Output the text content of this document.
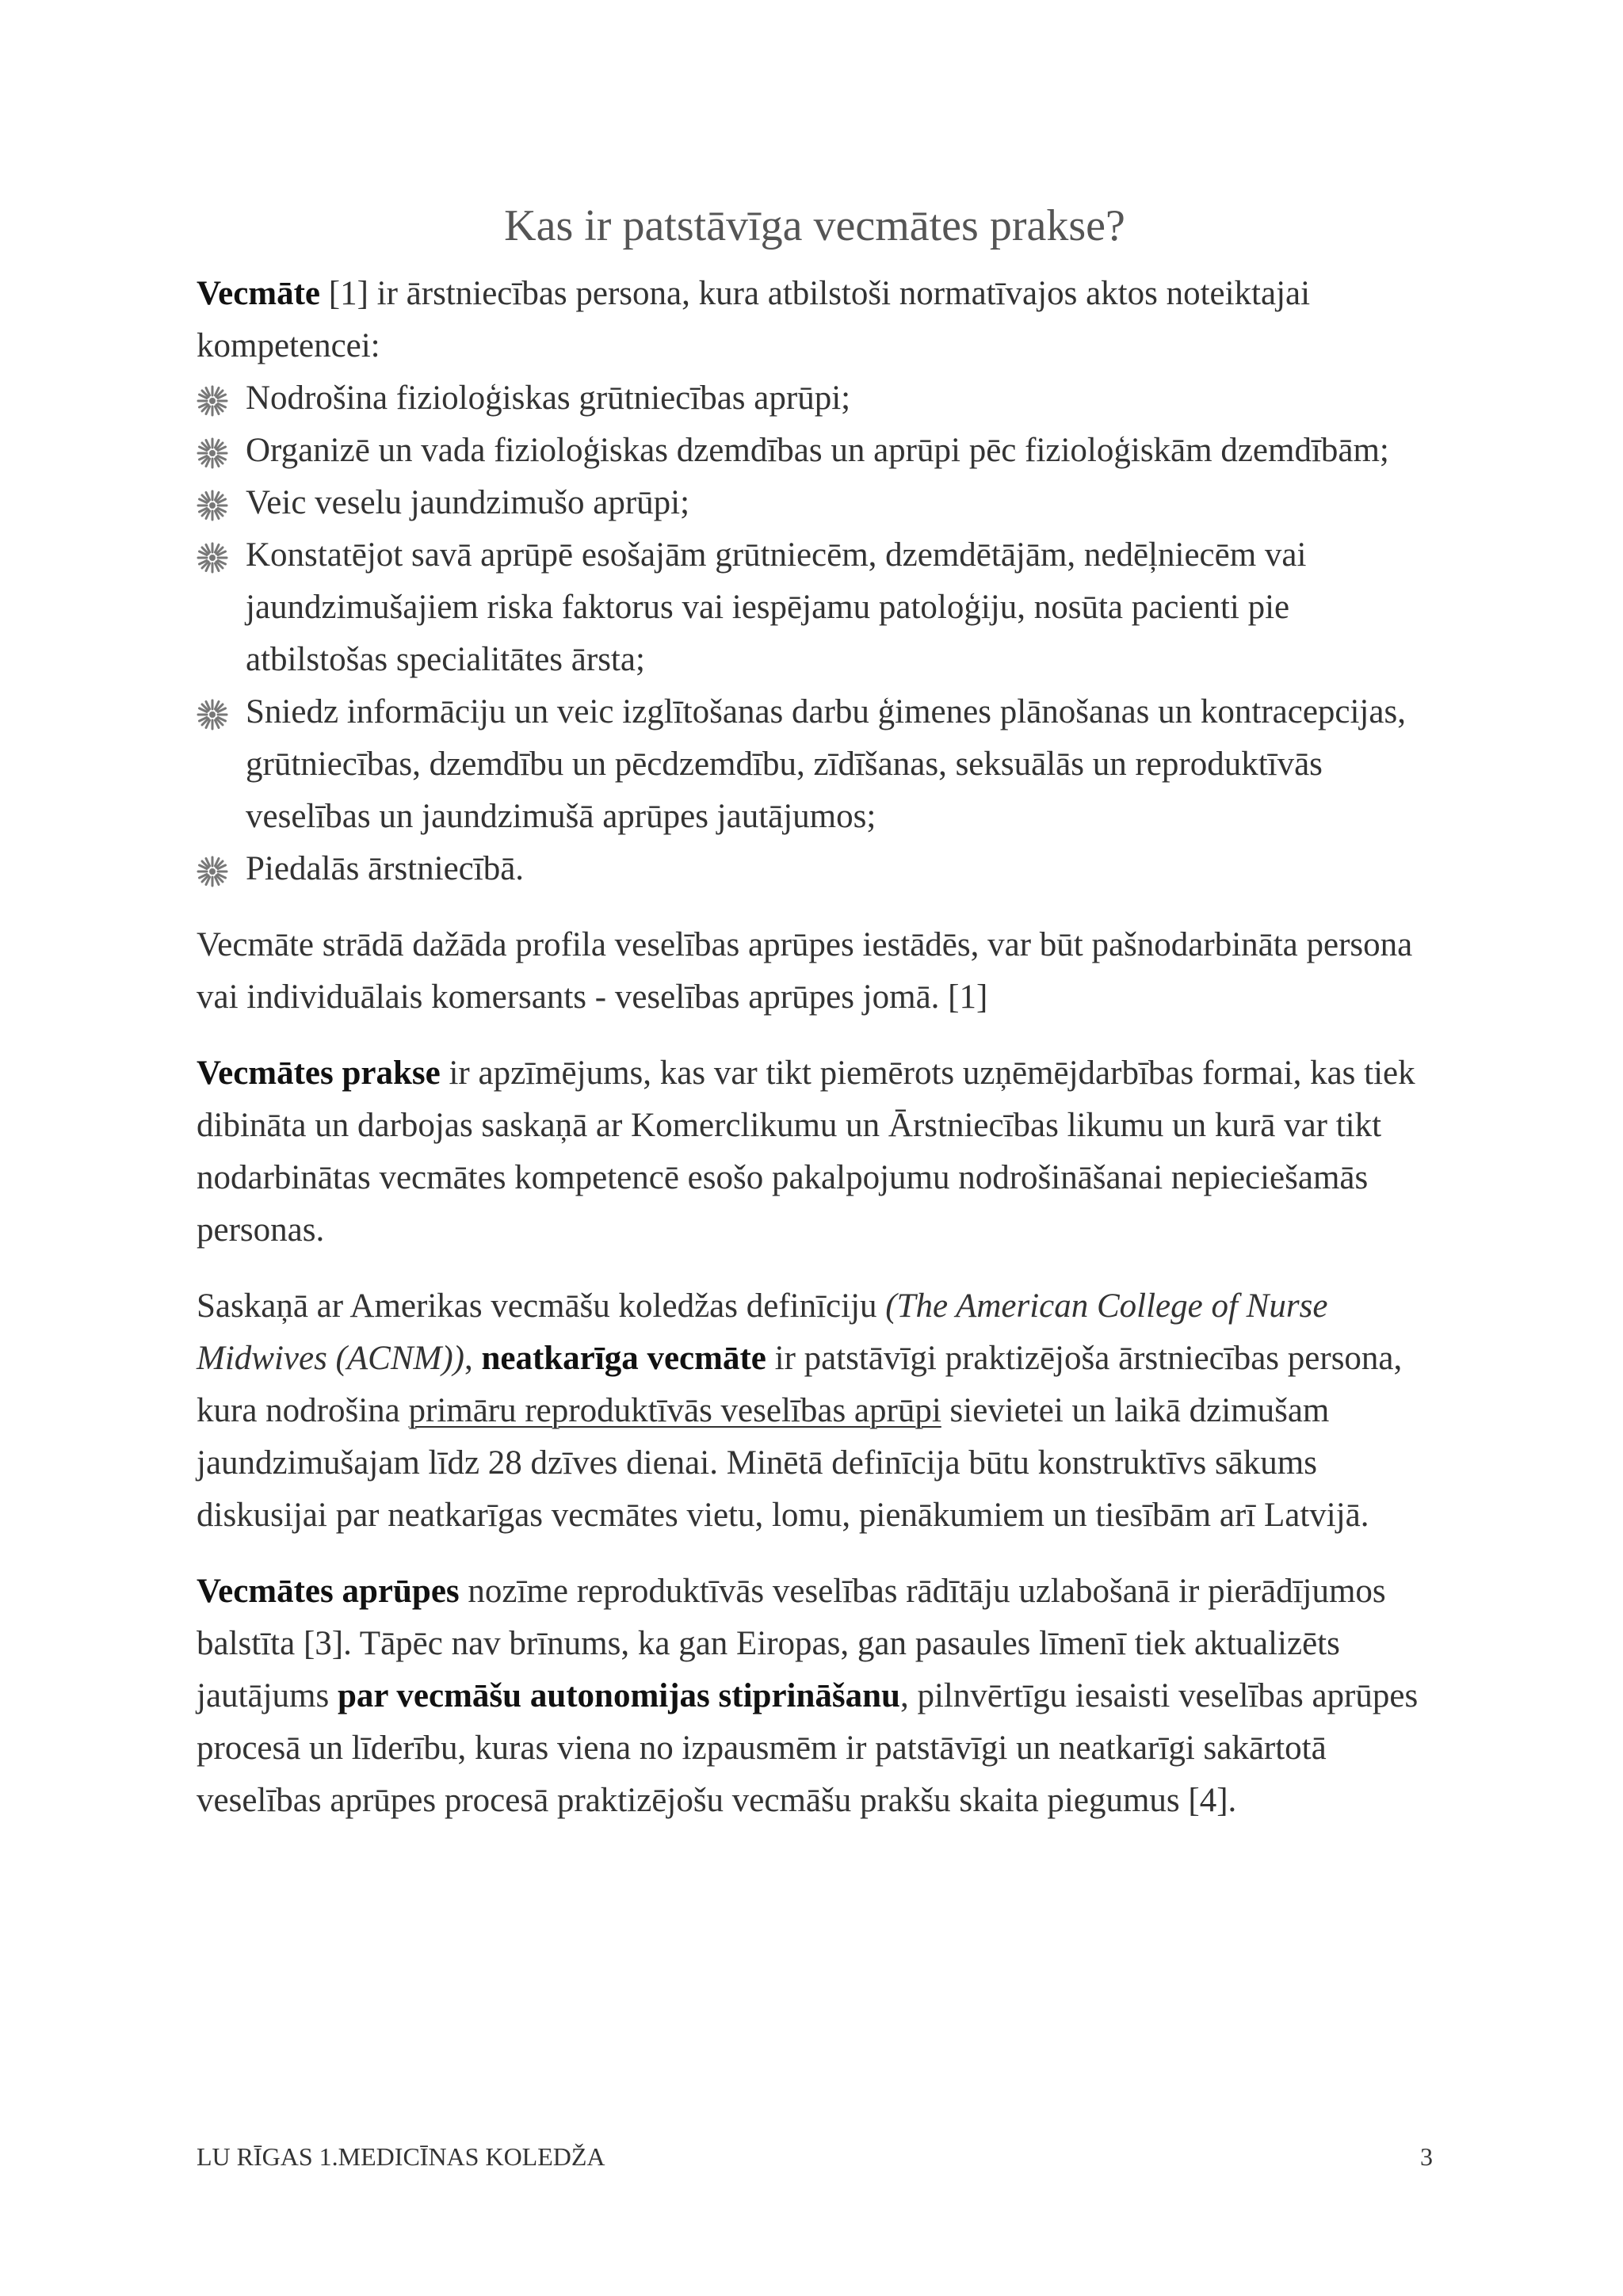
Kas ir patstāvīga vecmātes prakse?

Vecmāte [1] ir ārstniecības persona, kura atbilstoši normatīvajos aktos noteiktajai kompetencei:

Nodrošina fizioloģiskas grūtniecības aprūpi;
Organizē un vada fizioloģiskas dzemdības un aprūpi pēc fizioloģiskām dzemdībām;
Veic veselu jaundzimušo aprūpi;
Konstatējot savā aprūpē esošajām grūtniecēm, dzemdētājām, nedēļniecēm vai jaundzimušajiem riska faktorus vai iespējamu patoloģiju, nosūta pacienti pie atbilstošas specialitātes ārsta;
Sniedz informāciju un veic izglītošanas darbu ģimenes plānošanas un kontracepcijas, grūtniecības, dzemdību un pēcdzemdību, zīdīšanas, seksuālās un reproduktīvās veselības un jaundzimušā aprūpes jautājumos;
Piedalās ārstniecībā.

Vecmāte strādā dažāda profila veselības aprūpes iestādēs, var būt pašnodarbināta persona vai individuālais komersants - veselības aprūpes jomā. [1]

Vecmātes prakse ir apzīmējums, kas var tikt piemērots uzņēmējdarbības formai, kas tiek dibināta un darbojas saskaņā ar Komerclikumu un Ārstniecības likumu un kurā var tikt nodarbinātas vecmātes kompetencē esošo pakalpojumu nodrošināšanai nepieciešamās personas.

Saskaņā ar Amerikas vecmāšu koledžas definīciju (The American College of Nurse Midwives (ACNM)), neatkarīga vecmāte ir patstāvīgi praktizējoša ārstniecības persona, kura nodrošina primāru reproduktīvās veselības aprūpi sievietei un laikā dzimušam jaundzimušajam līdz 28 dzīves dienai. Minētā definīcija būtu konstruktīvs sākums diskusijai par neatkarīgas vecmātes vietu, lomu, pienākumiem un tiesībām arī Latvijā.

Vecmātes aprūpes nozīme reproduktīvās veselības rādītāju uzlabošanā ir pierādījumos balstīta [3]. Tāpēc nav brīnums, ka gan Eiropas, gan pasaules līmenī tiek aktualizēts jautājums par vecmāšu autonomijas stiprināšanu, pilnvērtīgu iesaisti veselības aprūpes procesā un līderību, kuras viena no izpausmēm ir patstāvīgi un neatkarīgi sakārtotā veselības aprūpes procesā praktizējošu vecmāšu prakšu skaita piegumus [4].

LU RĪGAS 1.MEDICĪNAS KOLEDŽA	3
